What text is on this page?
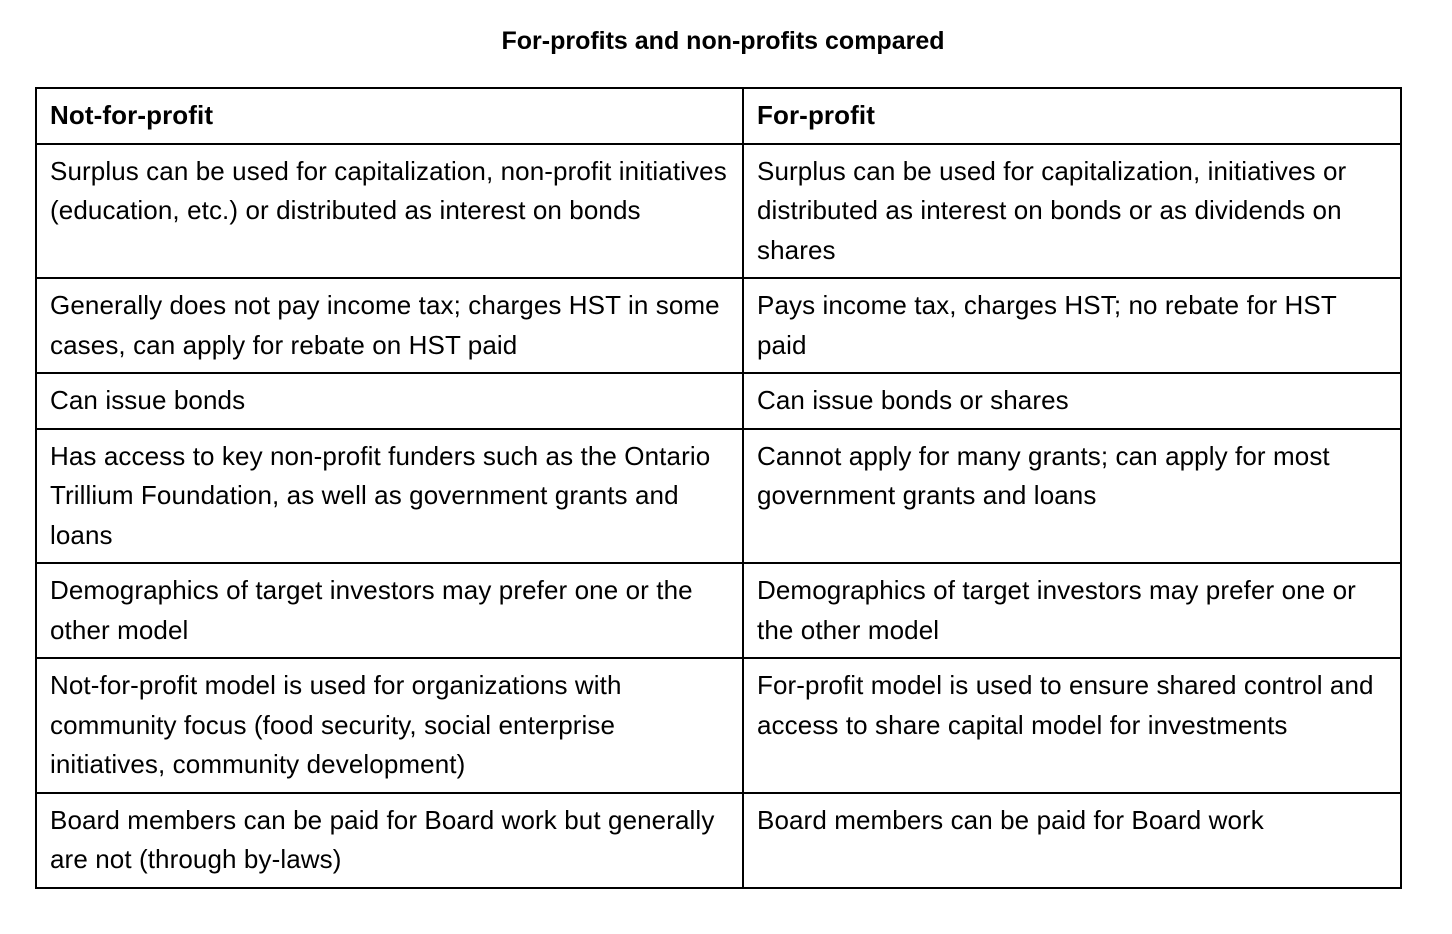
For-profits and non-profits compared
Not-for-profit	For-profit
Surplus can be used for capitalization, non-profit initiatives (education, etc.) or distributed as interest on bonds	Surplus can be used for capitalization, initiatives or distributed as interest on bonds or as dividends on shares
Generally does not pay income tax; charges HST in some cases, can apply for rebate on HST paid	Pays income tax, charges HST; no rebate for HST paid
Can issue bonds	Can issue bonds or shares
Has access to key non-profit funders such as the Ontario Trillium Foundation, as well as government grants and loans	Cannot apply for many grants; can apply for most government grants and loans
Demographics of target investors may prefer one or the other model	Demographics of target investors may prefer one or the other model
Not-for-profit model is used for organizations with community focus (food security, social enterprise initiatives, community development)	For-profit model is used to ensure shared control and access to share capital model for investments
Board members can be paid for Board work but generally are not (through by-laws)	Board members can be paid for Board work
